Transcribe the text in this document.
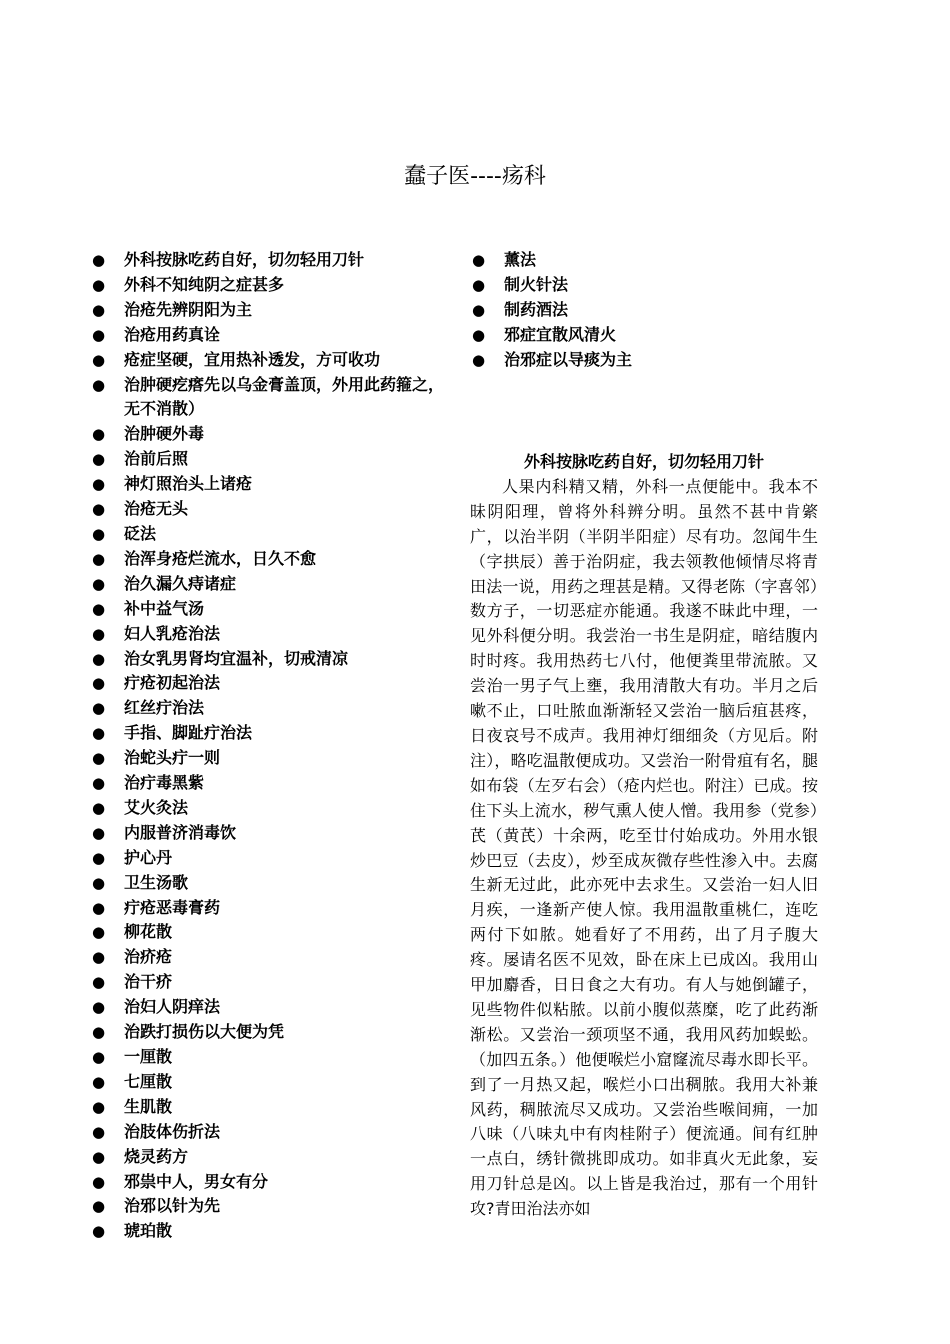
蠢子医----疡科
● 外科按脉吃药自好，切勿轻用刀针
● 外科不知纯阴之症甚多
● 治疮先辨阴阳为主
● 治疮用药真诠
● 疮症坚硬，宜用热补透发，方可收功
● 治肿硬疙瘩先以乌金膏盖顶，外用此药箍之，无不消散）
● 治肿硬外毒
● 治前后照
● 神灯照治头上诸疮
● 治疮无头
● 砭法
● 治浑身疮烂流水，日久不愈
● 治久漏久痔诸症
● 补中益气汤
● 妇人乳疮治法
● 治女乳男肾均宜温补，切戒清凉
● 疔疮初起治法
● 红丝疔治法
● 手指、脚趾疔治法
● 治蛇头疔一则
● 治疔毒黑紫
● 艾火灸法
● 内服普济消毒饮
● 护心丹
● 卫生汤歌
● 疔疮恶毒膏药
● 柳花散
● 治疥疮
● 治干疥
● 治妇人阴痒法
● 治跌打损伤以大便为凭
● 一厘散
● 七厘散
● 生肌散
● 治肢体伤折法
● 烧灵药方
● 邪祟中人，男女有分
● 治邪以针为先
● 琥珀散
● 薰法
● 制火针法
● 制药酒法
● 邪症宜散风清火
● 治邪症以导痰为主
外科按脉吃药自好，切勿轻用刀针

人果内科精又精，外科一点便能中。我本不昧阴阳理，曾将外科辨分明。虽然不甚中肯綮广，以治半阴（半阴半阳症）尽有功。忽闻牛生（字拱辰）善于治阴症，我去领教他倾情尽将青田法一说，用药之理甚是精。又得老陈（字喜邻）数方子，一切恶症亦能通。我遂不昧此中理，一见外科便分明。我尝治一书生是阴症，暗结腹内时时疼。我用热药七八付，他便粪里带流脓。又尝治一男子气上壅，我用清散大有功。半月之后嗽不止，口吐脓血渐渐轻又尝治一脑后疽甚疼，日夜哀号不成声。我用神灯细细灸（方见后。附注），略吃温散便成功。又尝治一附骨疽有名，腿如布袋（左歹右会）（疮内烂也。附注）已成。按住下头上流水，秽气熏人使人憎。我用参（党参）芪（黄芪）十余两，吃至廿付始成功。外用水银炒巴豆（去皮），炒至成灰微存些性渗入中。去腐生新无过此，此亦死中去求生。又尝治一妇人旧月疾，一逢新产使人惊。我用温散重桃仁，连吃两付下如脓。她看好了不用药，出了月子腹大疼。屡请名医不见效，卧在床上已成凶。我用山甲加麝香，日日食之大有功。有人与她倒罐子，见些物件似粘脓。以前小腹似蒸糜，吃了此药渐渐松。又尝治一颈项坚不通，我用风药加蜈蚣。（加四五条。）他便喉烂小窟窿流尽毒水即长平。到了一月热又起，喉烂小口出稠脓。我用大补兼风药，稠脓流尽又成功。又尝治些喉间痈，一加八味（八味丸中有肉桂附子）便流通。间有红肿一点白，绣针微挑即成功。如非真火无此象，妄用刀针总是凶。以上皆是我治过，那有一个用针攻?青田治法亦如
